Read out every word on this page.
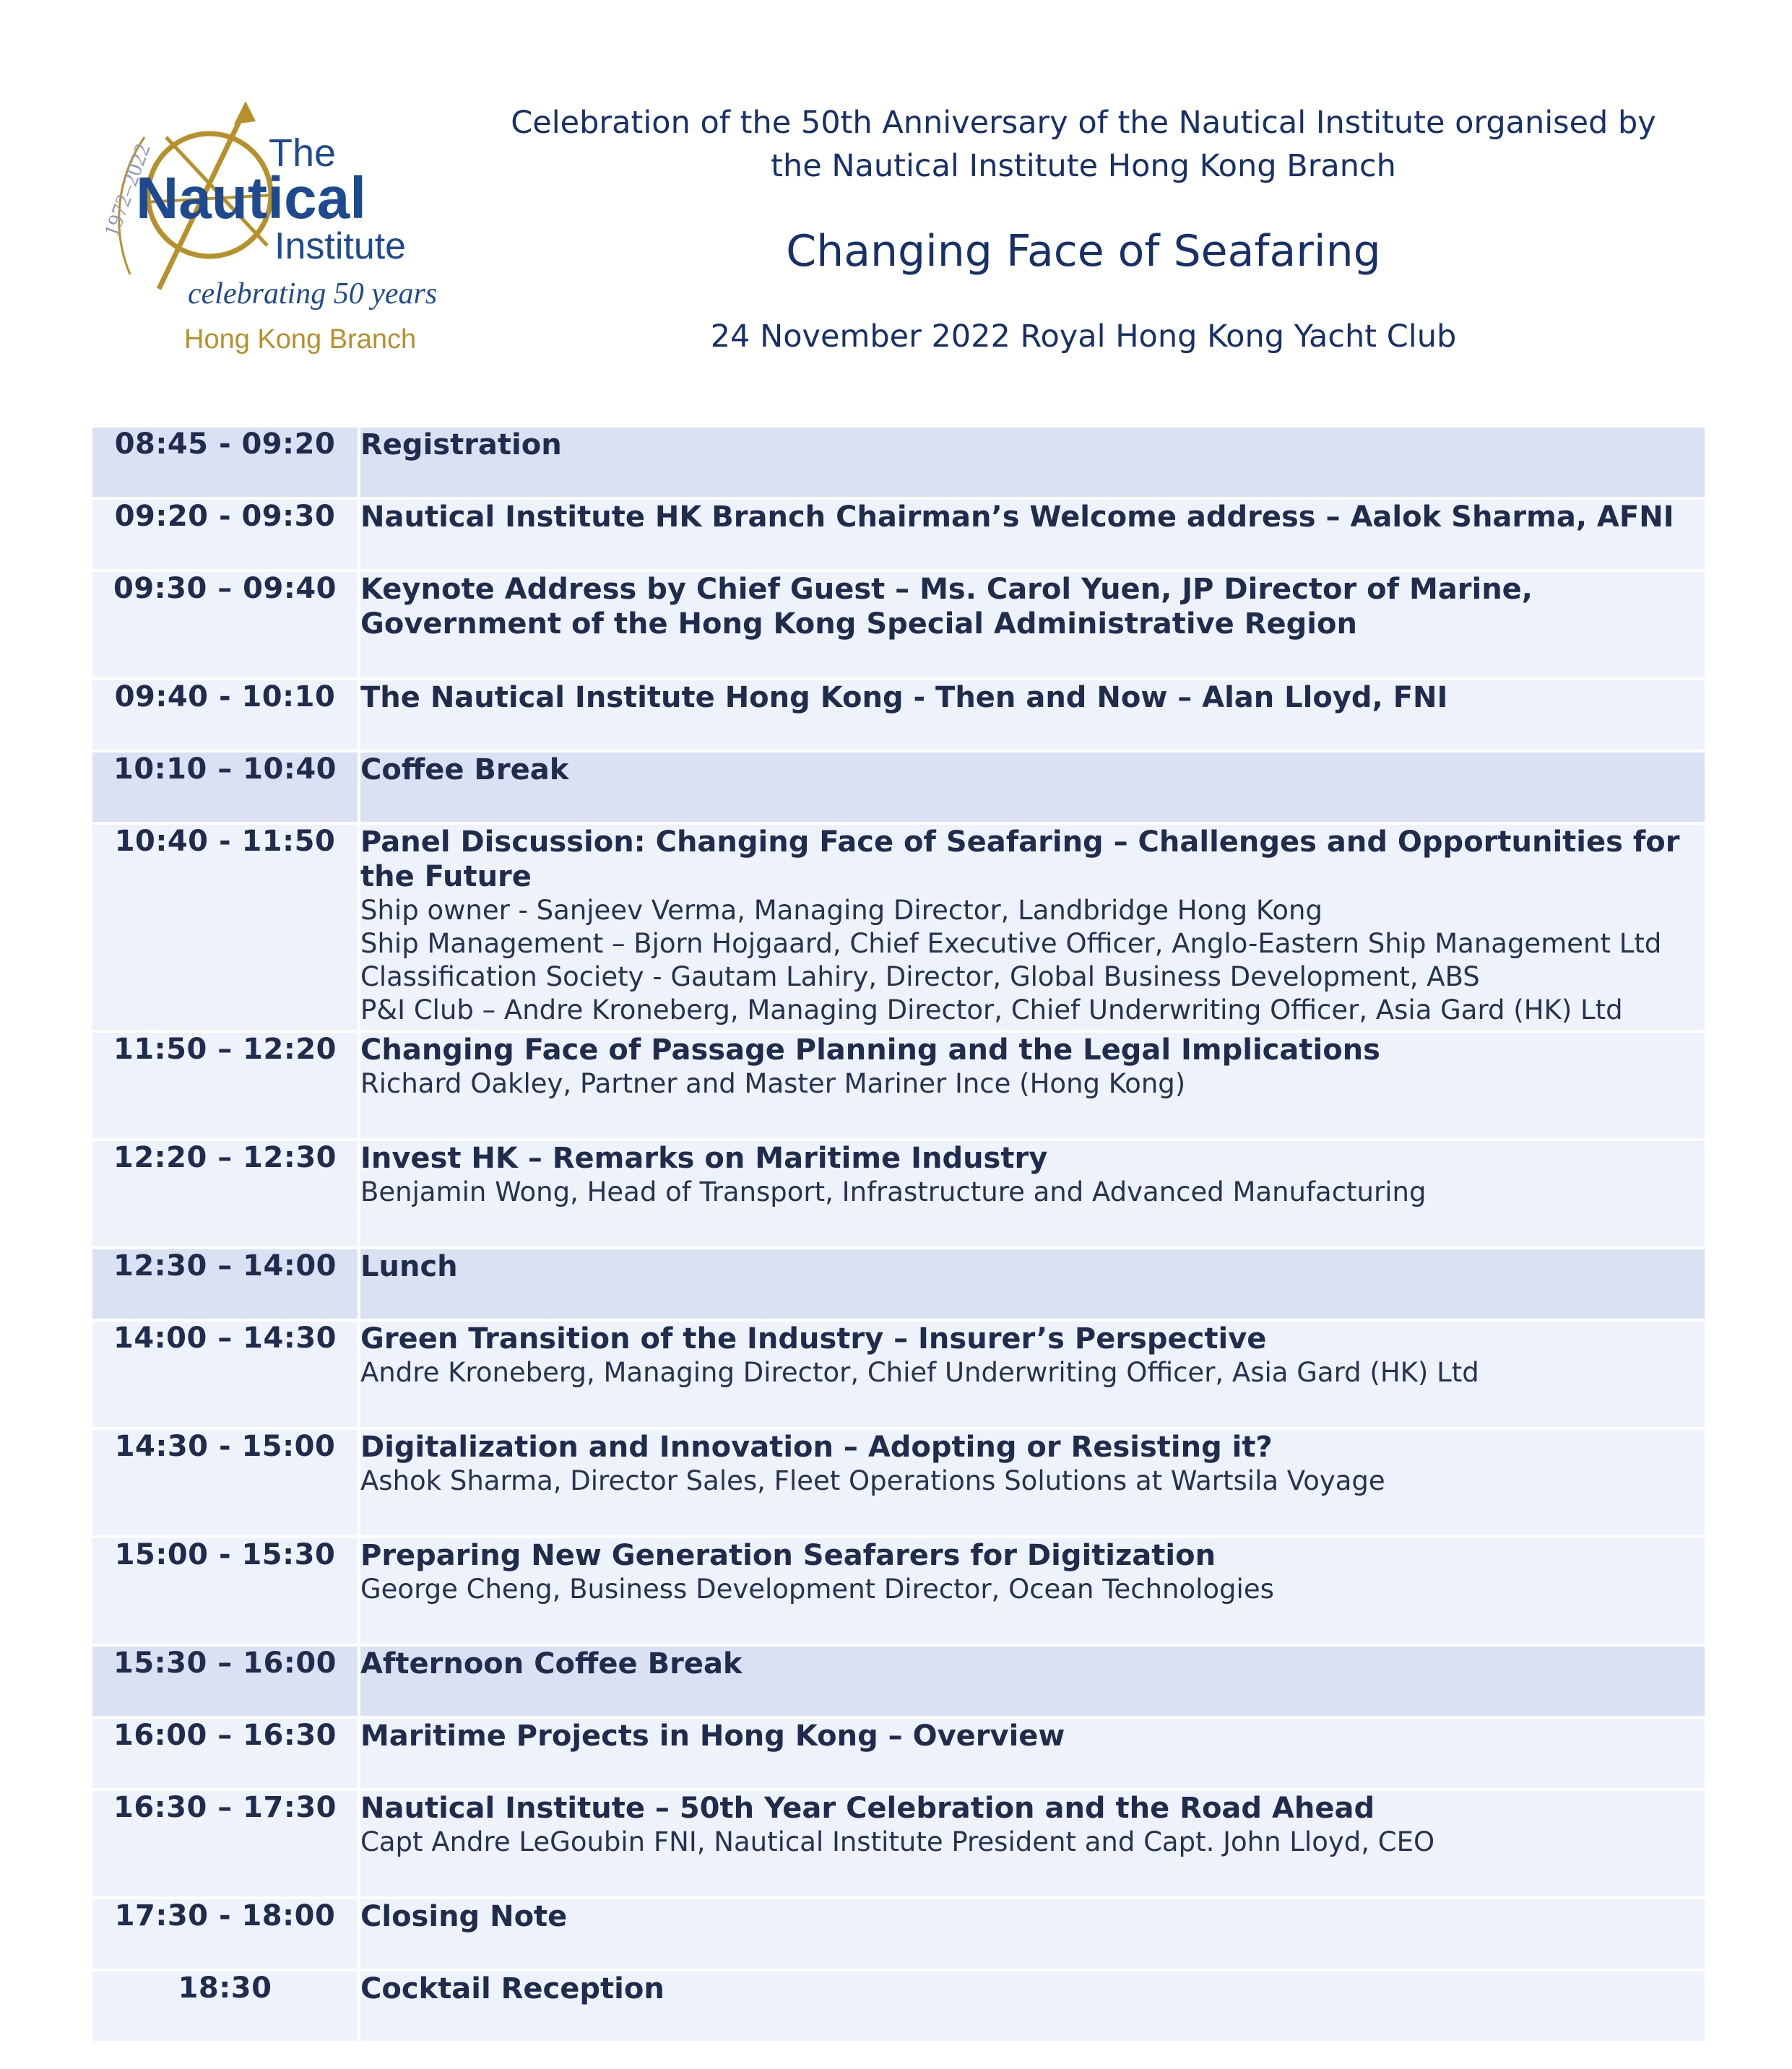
1972–2022	The
Nautical
Institute
celebrating 50 years
Hong Kong Branch
Celebration of the 50th Anniversary of the Nautical Institute organised by
the Nautical Institute Hong Kong Branch
Changing Face of Seafaring
24 November 2022 Royal Hong Kong Yacht Club
08:45 - 09:20	Registration

09:20 - 09:30	Nautical Institute HK Branch Chairman’s Welcome address – Aalok Sharma, AFNI

09:30 – 09:40	Keynote Address by Chief Guest – Ms. Carol Yuen, JP Director of Marine,
Government of the Hong Kong Special Administrative Region

09:40 - 10:10	The Nautical Institute Hong Kong - Then and Now – Alan Lloyd, FNI

10:10 – 10:40	Coffee Break

10:40 - 11:50	Panel Discussion: Changing Face of Seafaring – Challenges and Opportunities for the Future
Ship owner - Sanjeev Verma, Managing Director, Landbridge Hong Kong
Ship Management – Bjorn Hojgaard, Chief Executive Officer, Anglo-Eastern Ship Management Ltd
Classification Society - Gautam Lahiry, Director, Global Business Development, ABS
P&I Club – Andre Kroneberg, Managing Director, Chief Underwriting Officer, Asia Gard (HK) Ltd

11:50 – 12:20	Changing Face of Passage Planning and the Legal Implications
Richard Oakley, Partner and Master Mariner Ince (Hong Kong)

12:20 – 12:30	Invest HK – Remarks on Maritime Industry
Benjamin Wong, Head of Transport, Infrastructure and Advanced Manufacturing

12:30 – 14:00	Lunch

14:00 – 14:30	Green Transition of the Industry – Insurer’s Perspective
Andre Kroneberg, Managing Director, Chief Underwriting Officer, Asia Gard (HK) Ltd

14:30 - 15:00	Digitalization and Innovation – Adopting or Resisting it?
Ashok Sharma, Director Sales, Fleet Operations Solutions at Wartsila Voyage

15:00 - 15:30	Preparing New Generation Seafarers for Digitization
George Cheng, Business Development Director, Ocean Technologies

15:30 – 16:00	Afternoon Coffee Break

16:00 – 16:30	Maritime Projects in Hong Kong – Overview

16:30 – 17:30	Nautical Institute – 50th Year Celebration and the Road Ahead
Capt Andre LeGoubin FNI, Nautical Institute President and Capt. John Lloyd, CEO

17:30 - 18:00	Closing Note

18:30	Cocktail Reception
